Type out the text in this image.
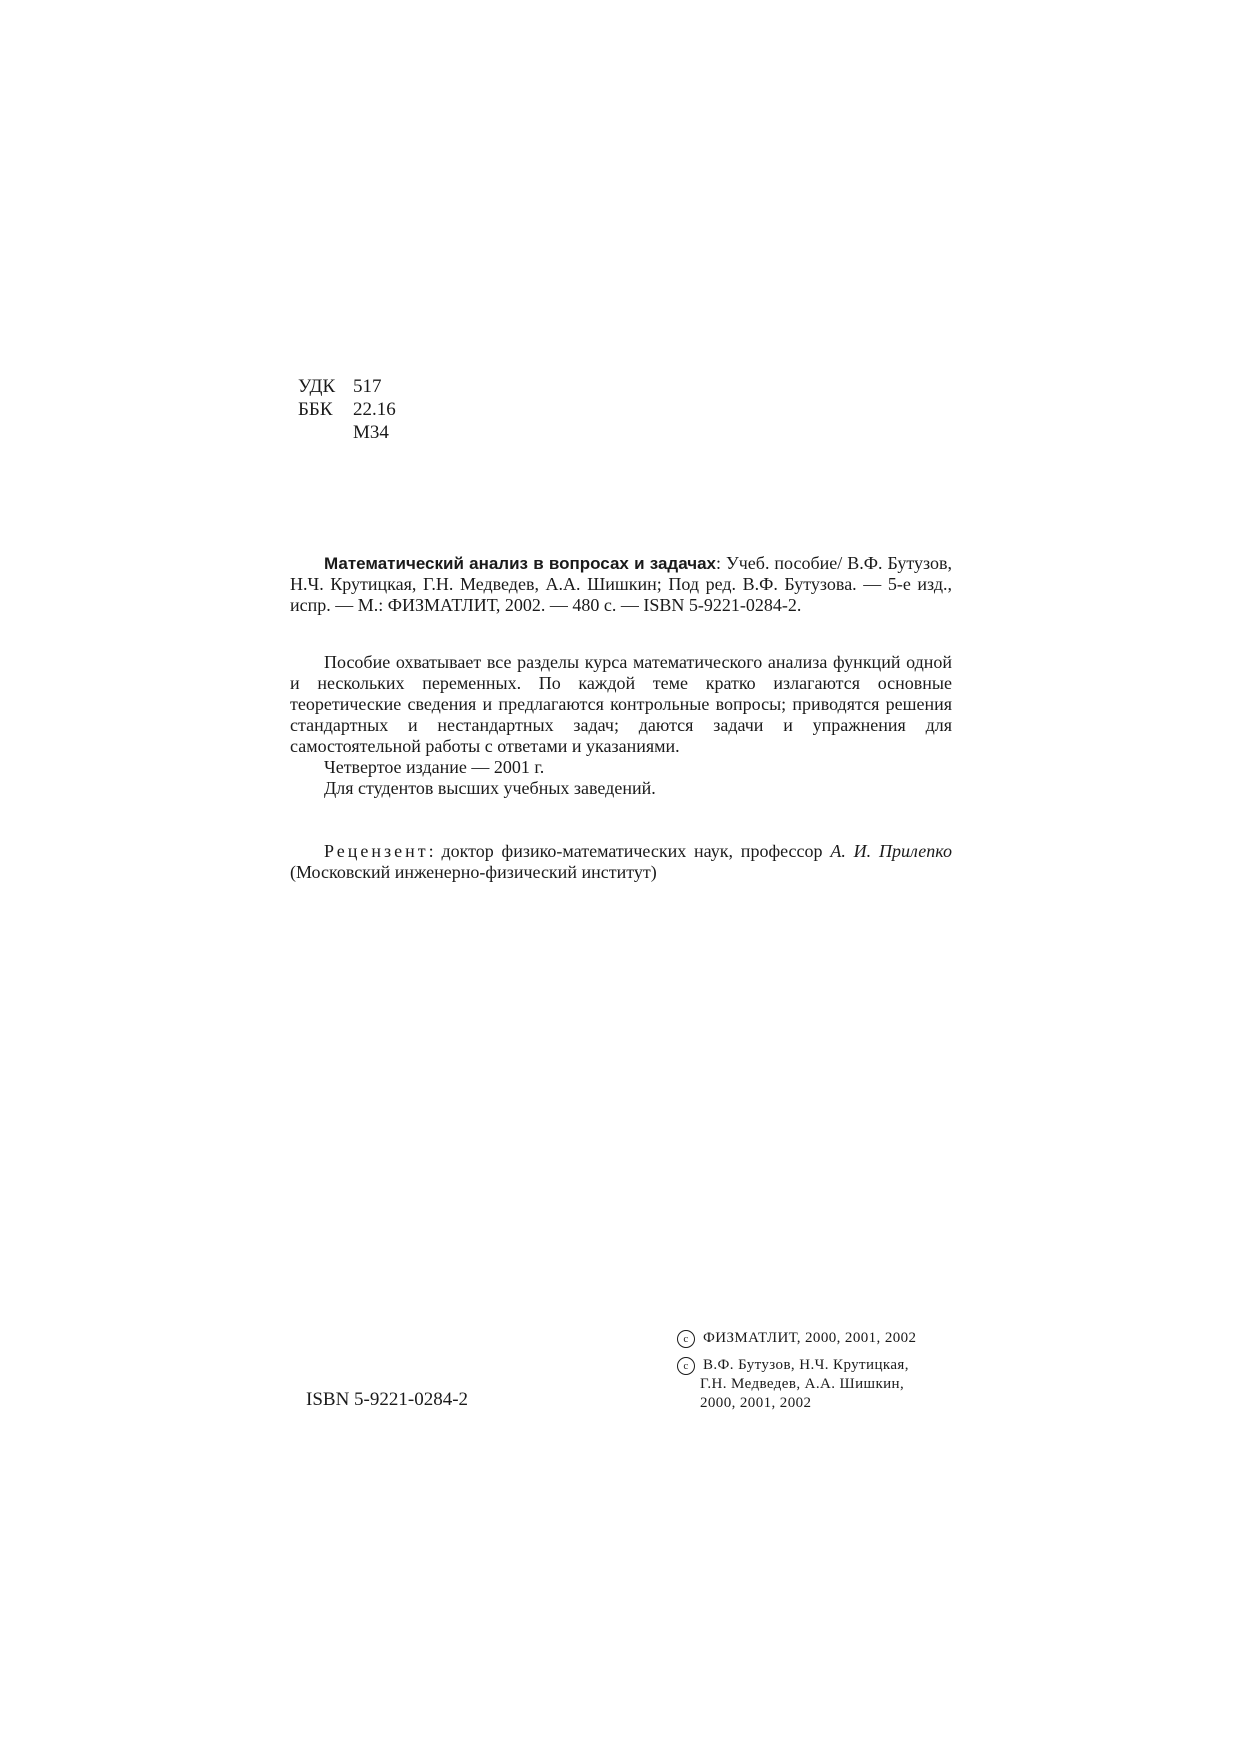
УДК 517
ББК	22.16
М34

Математический анализ в вопросах и задачах: Учеб. пособие/ В.Ф. Бутузов, Н.Ч. Крутицкая, Г.Н. Медведев, А.А. Шишкин; Под ред. В.Ф. Бутузова. — 5-е изд., испр. — М.: ФИЗМАТЛИТ, 2002. — 480 с. — ISBN 5-9221-0284-2.

Пособие охватывает все разделы курса математического анализа функций одной и нескольких переменных. По каждой теме кратко излагаются основные теоретические сведения и предлагаются контрольные вопросы; приводятся решения стандартных и нестандартных задач; даются задачи и упражнения для самостоятельной работы с ответами и указаниями.

Четвертое издание — 2001 г.

Для студентов высших учебных заведений.

Рецензент: доктор физико-математических наук, профессор А. И. Прилепко (Московский инженерно-физический институт)

ISBN 5-9221-0284-2
c ФИЗМАТЛИТ, 2000, 2001, 2002
c В.Ф. Бутузов, Н.Ч. Крутицкая,
Г.Н. Медведев, А.А. Шишкин,
2000, 2001, 2002
